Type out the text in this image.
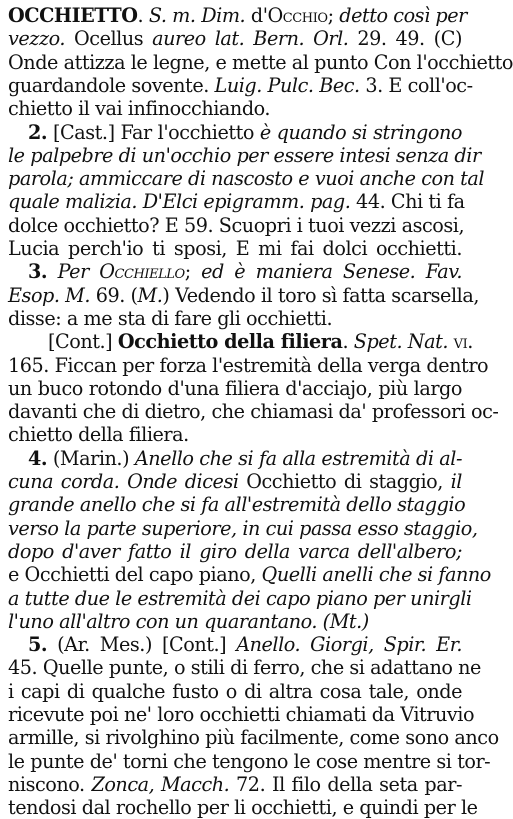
OCCHIETTO. S. m. Dim. d'Occhio; detto così per
vezzo. Ocellus aureo lat. Bern. Orl. 29. 49. (C)
Onde attizza le legne, e mette al punto Con l'occhietto
guardandole sovente. Luig. Pulc. Bec. 3. E coll'oc-
chietto il vai infinocchiando.
2. [Cast.] Far l'occhietto è quando si stringono
le palpebre di un'occhio per essere intesi senza dir
parola; ammiccare di nascosto e vuoi anche con tal
quale malizia. D'Elci epigramm. pag. 44. Chi ti fa
dolce occhietto? E 59. Scuopri i tuoi vezzi ascosi,
Lucia perch'io ti sposi, E mi fai dolci occhietti.
3. Per Occhiello; ed è maniera Senese. Fav.
Esop. M. 69. (M.) Vedendo il toro sì fatta scarsella,
disse: a me sta di fare gli occhietti.
[Cont.] Occhietto della filiera. Spet. Nat. vi.
165. Ficcan per forza l'estremità della verga dentro
un buco rotondo d'una filiera d'acciajo, più largo
davanti che di dietro, che chiamasi da' professori oc-
chietto della filiera.
4. (Marin.) Anello che si fa alla estremità di al-
cuna corda. Onde dicesi Occhietto di staggio, il
grande anello che si fa all'estremità dello staggio
verso la parte superiore, in cui passa esso staggio,
dopo d'aver fatto il giro della varca dell'albero;
e Occhietti del capo piano, Quelli anelli che si fanno
a tutte due le estremità dei capo piano per unirgli
l'uno all'altro con un quarantano. (Mt.)
5. (Ar. Mes.) [Cont.] Anello. Giorgi, Spir. Er.
45. Quelle punte, o stili di ferro, che si adattano ne
i capi di qualche fusto o di altra cosa tale, onde
ricevute poi ne' loro occhietti chiamati da Vitruvio
armille, si rivolghino più facilmente, come sono anco
le punte de' torni che tengono le cose mentre si tor-
niscono. Zonca, Macch. 72. Il filo della seta par-
tendosi dal rochello per li occhietti, e quindi per le
